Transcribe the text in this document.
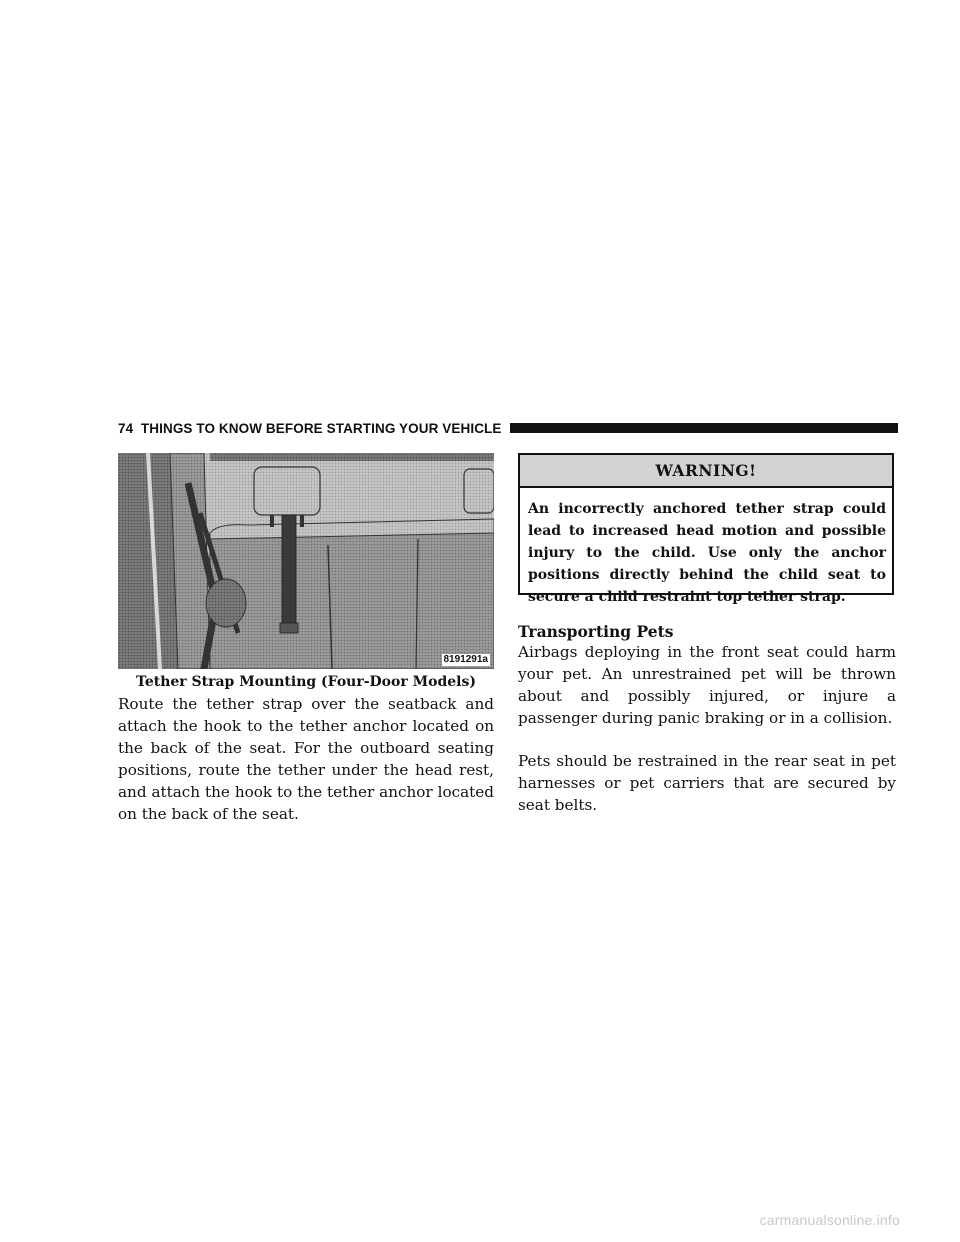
74 THINGS TO KNOW BEFORE STARTING YOUR VEHICLE
8191291a
Tether Strap Mounting (Four-Door Models)

Route the tether strap over the seatback and attach the hook to the tether anchor located on the back of the seat. For the outboard seating positions, route the tether under the head rest, and attach the hook to the tether anchor located on the back of the seat.

WARNING!
An incorrectly anchored tether strap could lead to increased head motion and possible injury to the child. Use only the anchor positions directly behind the child seat to secure a child restraint top tether strap.
Transporting Pets

Airbags deploying in the front seat could harm your pet. An unrestrained pet will be thrown about and possibly injured, or injure a passenger during panic braking or in a collision.

Pets should be restrained in the rear seat in pet harnesses or pet carriers that are secured by seat belts.

carmanualsonline.info
